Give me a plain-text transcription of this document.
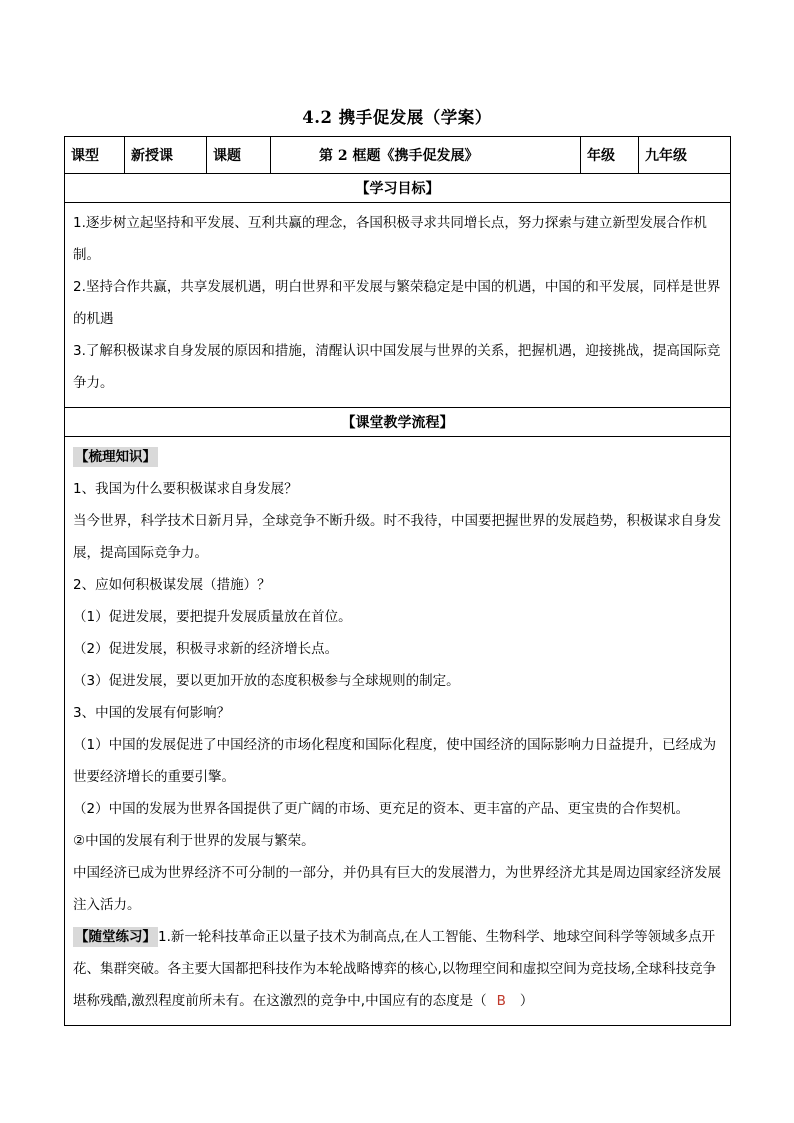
4.2 携手促发展（学案）
课型	新授课	课题	第 2 框题《携手促发展》	年级	九年级
【学习目标】

1.逐步树立起坚持和平发展、互利共赢的理念，各国积极寻求共同增长点，努力探索与建立新型发展合作机制。

2.坚持合作共赢，共享发展机遇，明白世界和平发展与繁荣稳定是中国的机遇，中国的和平发展，同样是世界的机遇

3.了解积极谋求自身发展的原因和措施，清醒认识中国发展与世界的关系，把握机遇，迎接挑战，提高国际竞争力。

【课堂教学流程】

【梳理知识】

1、我国为什么要积极谋求自身发展？

当今世界，科学技术日新月异，全球竞争不断升级。时不我待，中国要把握世界的发展趋势，积极谋求自身发展，提高国际竞争力。

2、应如何积极谋发展（措施）？

（1）促进发展，要把提升发展质量放在首位。

（2）促进发展，积极寻求新的经济增长点。

（3）促进发展，要以更加开放的态度积极参与全球规则的制定。

3、中国的发展有何影响？

（1）中国的发展促进了中国经济的市场化程度和国际化程度，使中国经济的国际影响力日益提升，已经成为世要经济增长的重要引擎。

（2）中国的发展为世界各国提供了更广阔的市场、更充足的资本、更丰富的产品、更宝贵的合作契机。

②中国的发展有利于世界的发展与繁荣。

中国经济已成为世界经济不可分制的一部分，并仍具有巨大的发展潜力，为世界经济尤其是周边国家经济发展注入活力。

【随堂练习】 1.新一轮科技革命正以量子技术为制高点,在人工智能、生物科学、地球空间科学等领域多点开花、集群突破。各主要大国都把科技作为本轮战略博弈的核心,以物理空间和虚拟空间为竞技场,全球科技竞争堪称残酷,激烈程度前所未有。在这激烈的竞争中,中国应有的态度是（ B ）
